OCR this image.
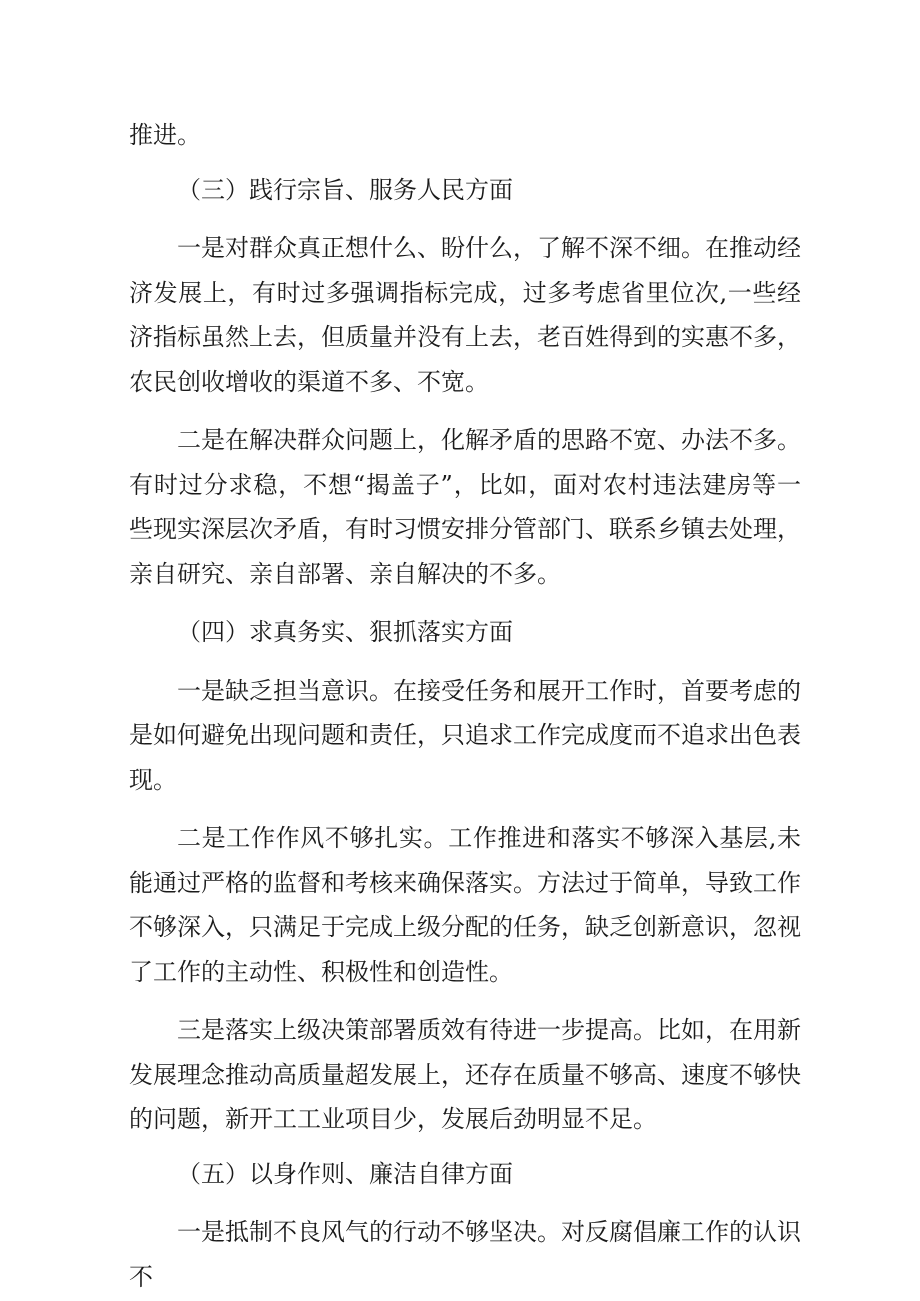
推进。

（三）践行宗旨、服务人民方面

一是对群众真正想什么、盼什么，了解不深不细。在推动经济发展上，有时过多强调指标完成，过多考虑省里位次,一些经济指标虽然上去，但质量并没有上去，老百姓得到的实惠不多，农民创收增收的渠道不多、不宽。

二是在解决群众问题上，化解矛盾的思路不宽、办法不多。有时过分求稳，不想“揭盖子”，比如，面对农村违法建房等一些现实深层次矛盾，有时习惯安排分管部门、联系乡镇去处理，亲自研究、亲自部署、亲自解决的不多。

（四）求真务实、狠抓落实方面

一是缺乏担当意识。在接受任务和展开工作时，首要考虑的是如何避免出现问题和责任，只追求工作完成度而不追求出色表现。

二是工作作风不够扎实。工作推进和落实不够深入基层,未能通过严格的监督和考核来确保落实。方法过于简单，导致工作不够深入，只满足于完成上级分配的任务，缺乏创新意识，忽视了工作的主动性、积极性和创造性。

三是落实上级决策部署质效有待进一步提高。比如，在用新发展理念推动高质量超发展上，还存在质量不够高、速度不够快的问题，新开工工业项目少，发展后劲明显不足。

（五）以身作则、廉洁自律方面

一是抵制不良风气的行动不够坚决。对反腐倡廉工作的认识不
